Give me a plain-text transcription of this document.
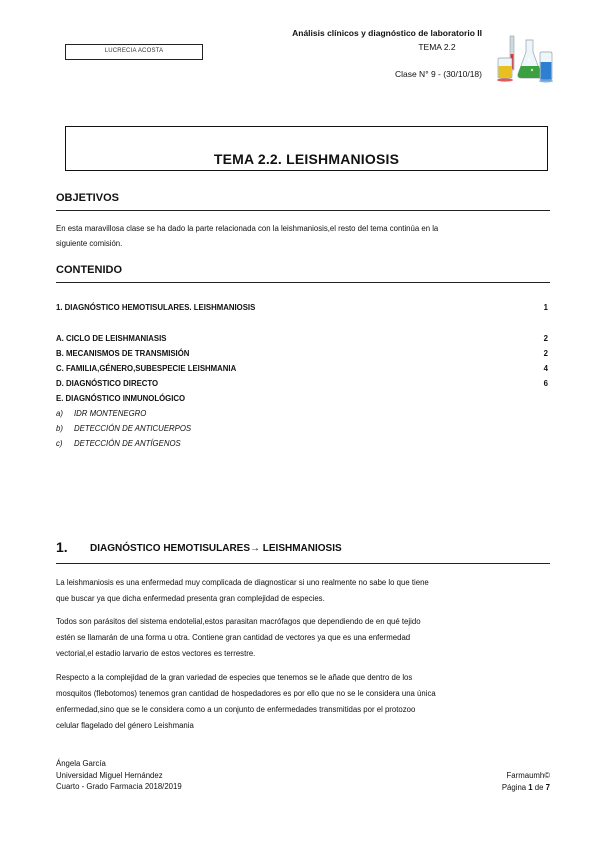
Análisis clínicos y diagnóstico de laboratorio II
TEMA 2.2
Clase N° 9 - (30/10/18)
LUCRECIA ACOSTA
TEMA 2.2. LEISHMANIOSIS
OBJETIVOS
En esta maravillosa clase se ha dado la parte relacionada con la leishmaniosis,el resto del tema continúa en la
siguiente comisión.
CONTENIDO
1. DIAGNÓSTICO HEMOTISULARES. LEISHMANIOSIS	1
A. CICLO DE LEISHMANIASIS	2
B. MECANISMOS DE TRANSMISIÓN	2
C. FAMILIA,GÉNERO,SUBESPECIE LEISHMANIA	4
D. DIAGNÓSTICO DIRECTO	6
E. DIAGNÓSTICO INMUNOLÓGICO
a) IDR MONTENEGRO
b) DETECCIÓN DE ANTICUERPOS
c) DETECCIÓN DE ANTÍGENOS
1. DIAGNÓSTICO HEMOTISULARES→ LEISHMANIOSIS
La leishmaniosis es una enfermedad muy complicada de diagnosticar si uno realmente no sabe lo que tiene
que buscar ya que dicha enfermedad presenta gran complejidad de especies.
Todos son parásitos del sistema endotelial,estos parasitan macrófagos que dependiendo de en qué tejido
estén se llamarán de una forma u otra. Contiene gran cantidad de vectores ya que es una enfermedad
vectorial,el estadio larvario de estos vectores es terrestre.
Respecto a la complejidad de la gran variedad de especies que tenemos se le añade que dentro de los
mosquitos (flebotomos) tenemos gran cantidad de hospedadores es por ello que no se le considera una única
enfermedad,sino que se le considera como a un conjunto de enfermedades transmitidas por el protozoo
celular flagelado del género Leishmania
Ángela García
Universidad Miguel Hernández
Cuarto - Grado Farmacia 2018/2019
Farmaumh©
Página 1 de 7
